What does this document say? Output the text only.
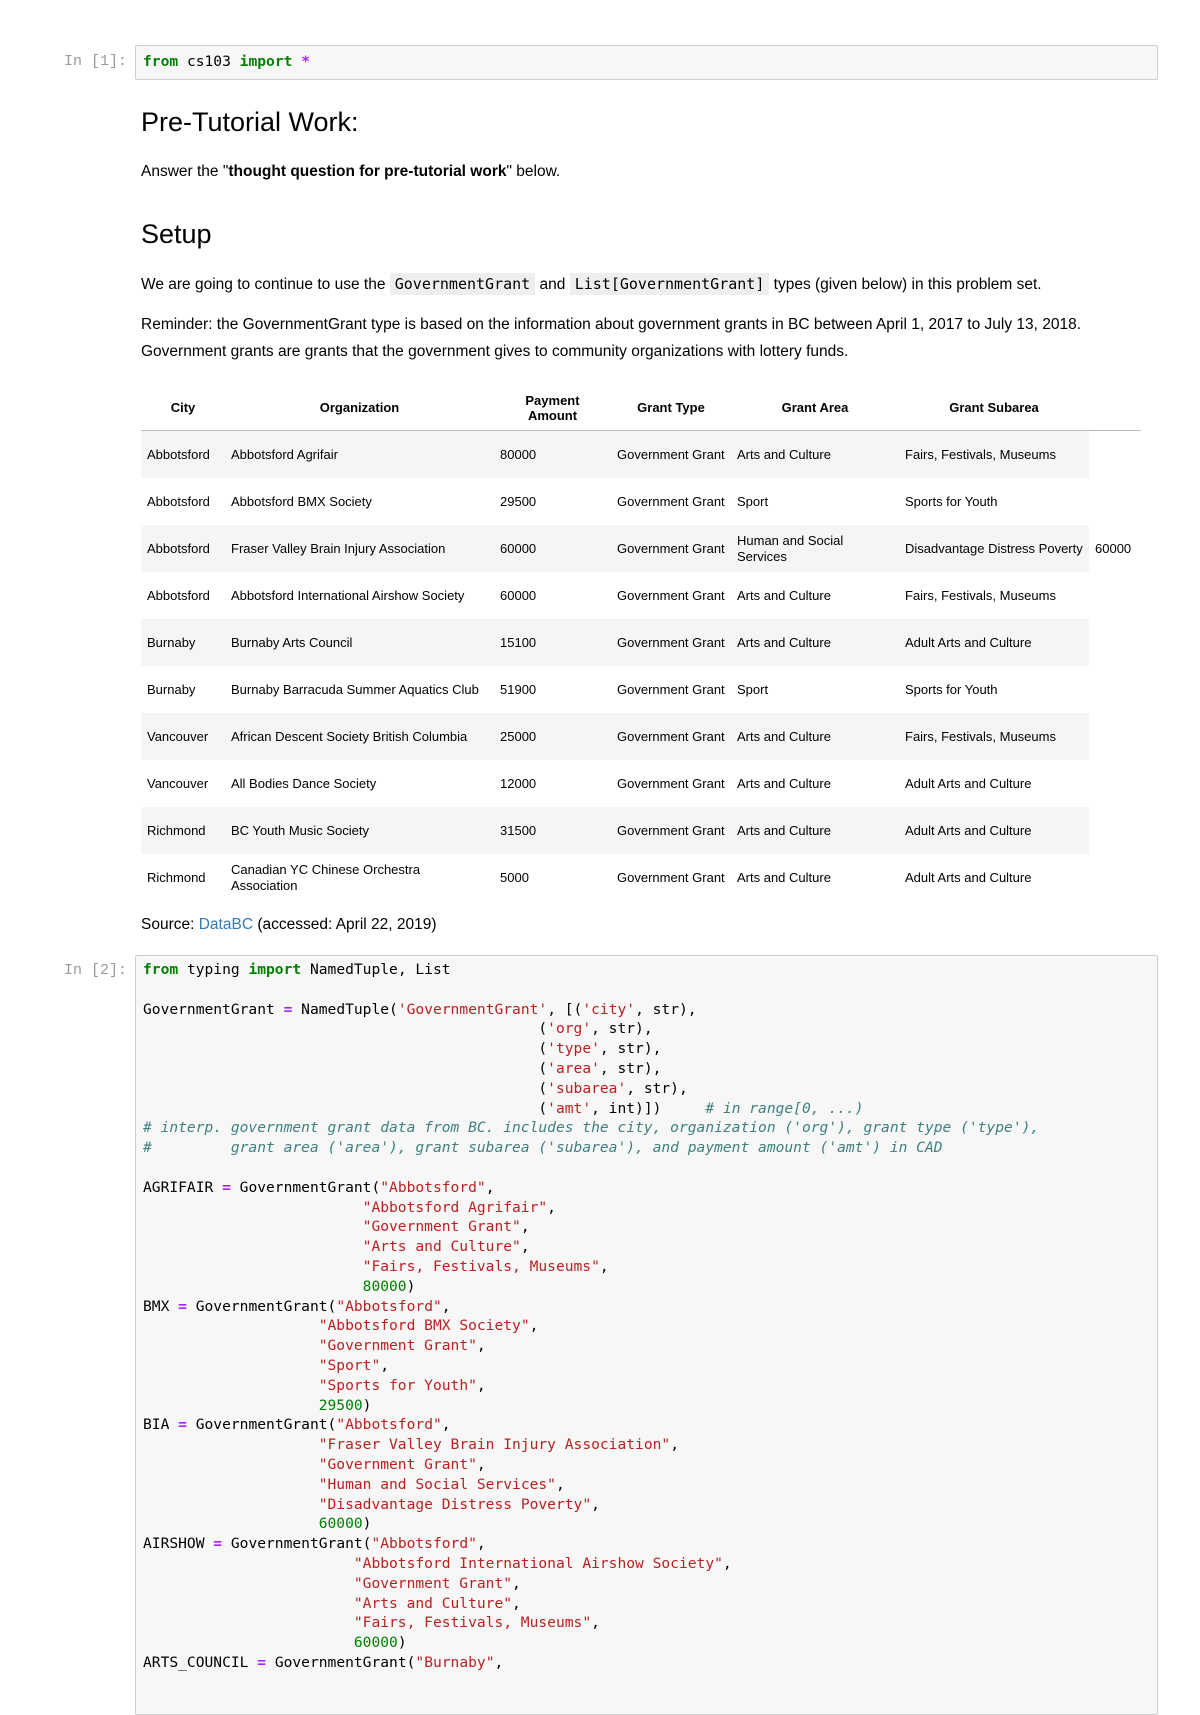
In [1]:	from cs103 import *
Pre-Tutorial Work:

Answer the "thought question for pre-tutorial work" below.

Setup

We are going to continue to use the GovernmentGrant and List[GovernmentGrant] types (given below) in this problem set.

Reminder: the GovernmentGrant type is based on the information about government grants in BC between April 1, 2017 to July 13, 2018.
Government grants are grants that the government gives to community organizations with lottery funds.

City	Organization	Payment Amount	Grant Type	Grant Area	Grant Subarea	
Abbotsford	Abbotsford Agrifair	80000	Government Grant	Arts and Culture	Fairs, Festivals, Museums	
Abbotsford	Abbotsford BMX Society	29500	Government Grant	Sport	Sports for Youth	
Abbotsford	Fraser Valley Brain Injury Association	60000	Government Grant	Human and Social Services	Disadvantage Distress Poverty	60000
Abbotsford	Abbotsford International Airshow Society	60000	Government Grant	Arts and Culture	Fairs, Festivals, Museums	
Burnaby	Burnaby Arts Council	15100	Government Grant	Arts and Culture	Adult Arts and Culture	
Burnaby	Burnaby Barracuda Summer Aquatics Club	51900	Government Grant	Sport	Sports for Youth	
Vancouver	African Descent Society British Columbia	25000	Government Grant	Arts and Culture	Fairs, Festivals, Museums	
Vancouver	All Bodies Dance Society	12000	Government Grant	Arts and Culture	Adult Arts and Culture	
Richmond	BC Youth Music Society	31500	Government Grant	Arts and Culture	Adult Arts and Culture	
Richmond	Canadian YC Chinese Orchestra Association	5000	Government Grant	Arts and Culture	Adult Arts and Culture	

Source: DataBC (accessed: April 22, 2019)

In [2]:	from typing import NamedTuple, List

GovernmentGrant = NamedTuple('GovernmentGrant', [('city', str),
('org', str),
('type', str),
('area', str),
('subarea', str),
('amt', int)])     # in range[0, ...)
# interp. government grant data from BC. includes the city, organization ('org'), grant type ('type'),
#         grant area ('area'), grant subarea ('subarea'), and payment amount ('amt') in CAD

AGRIFAIR = GovernmentGrant("Abbotsford",
"Abbotsford Agrifair",
"Government Grant",
"Arts and Culture",
"Fairs, Festivals, Museums",
80000)
BMX = GovernmentGrant("Abbotsford",
"Abbotsford BMX Society",
"Government Grant",
"Sport",
"Sports for Youth",
29500)
BIA = GovernmentGrant("Abbotsford",
"Fraser Valley Brain Injury Association",
"Government Grant",
"Human and Social Services",
"Disadvantage Distress Poverty",
60000)
AIRSHOW = GovernmentGrant("Abbotsford",
"Abbotsford International Airshow Society",
"Government Grant",
"Arts and Culture",
"Fairs, Festivals, Museums",
60000)
ARTS_COUNCIL = GovernmentGrant("Burnaby",
